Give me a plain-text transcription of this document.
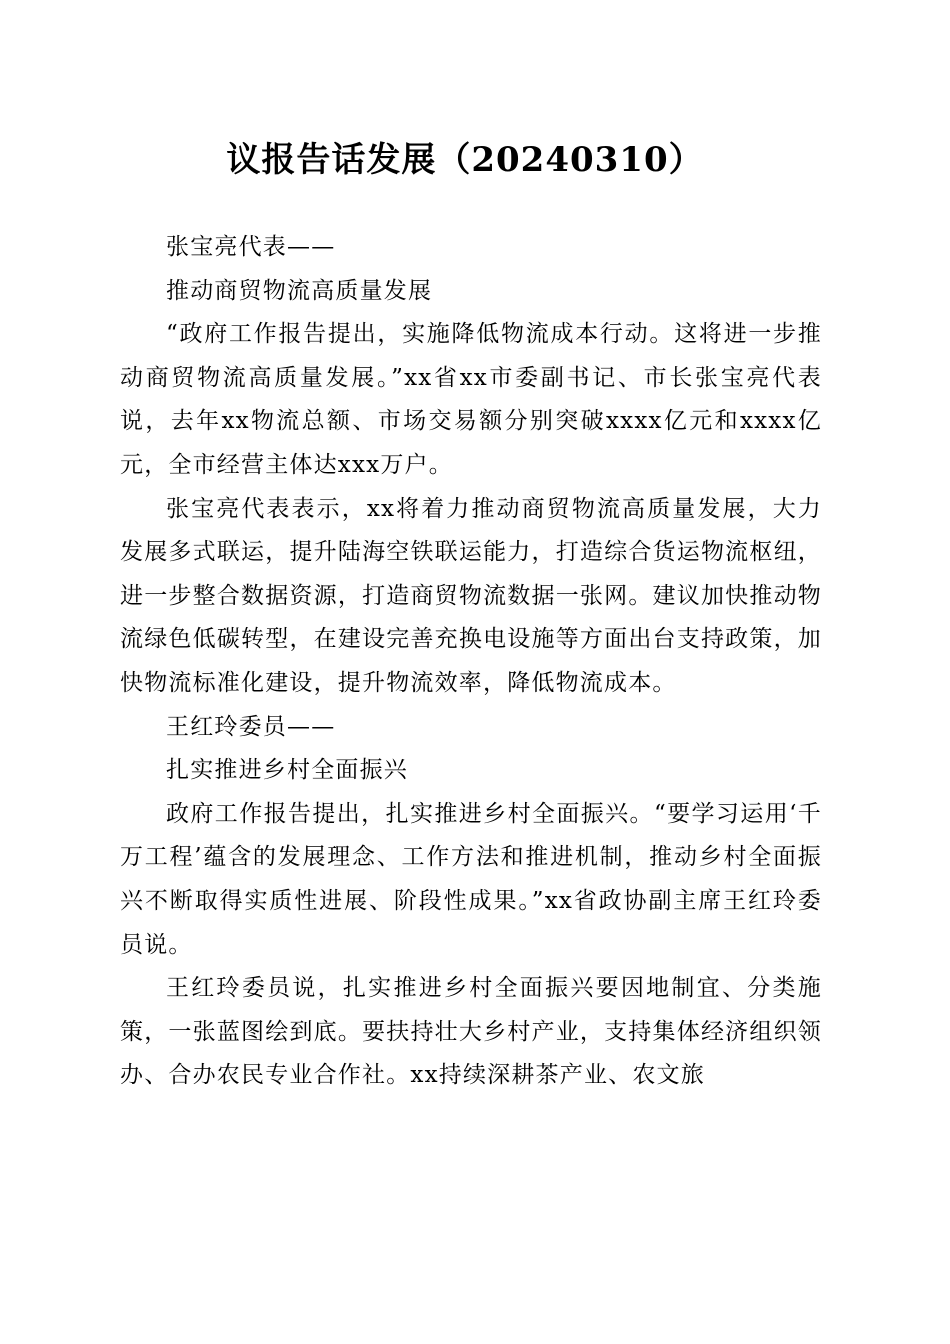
议报告话发展（20240310）

张宝亮代表——

推动商贸物流高质量发展

“政府工作报告提出，实施降低物流成本行动。这将进一步推动商贸物流高质量发展。”xx省xx市委副书记、市长张宝亮代表说，去年xx物流总额、市场交易额分别突破xxxx亿元和xxxx亿元，全市经营主体达xxx万户。

张宝亮代表表示，xx将着力推动商贸物流高质量发展，大力发展多式联运，提升陆海空铁联运能力，打造综合货运物流枢纽，进一步整合数据资源，打造商贸物流数据一张网。建议加快推动物流绿色低碳转型，在建设完善充换电设施等方面出台支持政策，加快物流标准化建设，提升物流效率，降低物流成本。

王红玲委员——

扎实推进乡村全面振兴

政府工作报告提出，扎实推进乡村全面振兴。“要学习运用‘千万工程’蕴含的发展理念、工作方法和推进机制，推动乡村全面振兴不断取得实质性进展、阶段性成果。”xx省政协副主席王红玲委员说。

王红玲委员说，扎实推进乡村全面振兴要因地制宜、分类施策，一张蓝图绘到底。要扶持壮大乡村产业，支持集体经济组织领办、合办农民专业合作社。xx持续深耕茶产业、农文旅
